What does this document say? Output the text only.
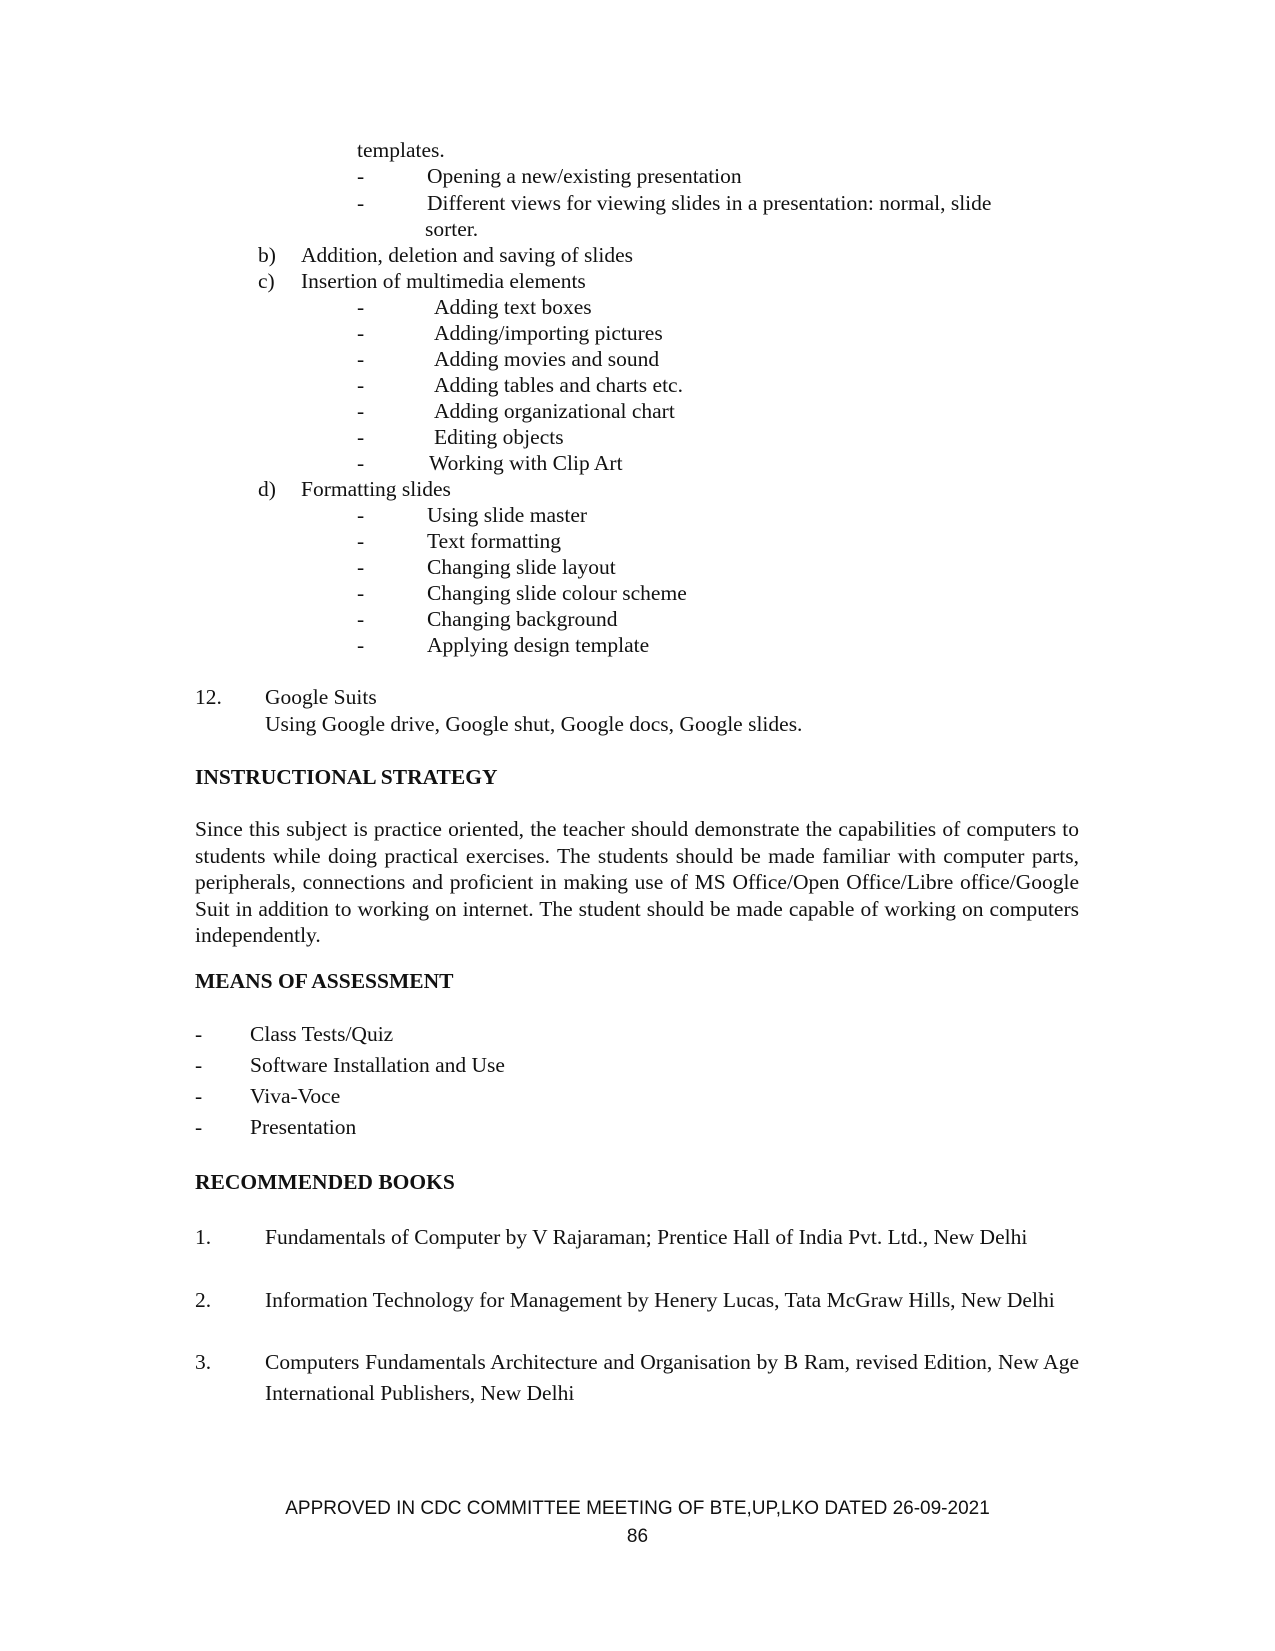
templates.
-	Opening a new/existing presentation
-	Different views for viewing slides in a presentation: normal, slide
sorter.
b) Addition, deletion and saving of slides
c) Insertion of multimedia elements
-	Adding text boxes
-	Adding/importing pictures
-	Adding movies and sound
-	Adding tables and charts etc.
-	Adding organizational chart
-	Editing objects
-	Working with Clip Art
d) Formatting slides
-	Using slide master
-	Text formatting
-	Changing slide layout
-	Changing slide colour scheme
-	Changing background
-	Applying design template
12. Google Suits
Using Google drive, Google shut, Google docs, Google slides.
INSTRUCTIONAL STRATEGY
Since this subject is practice oriented, the teacher should demonstrate the capabilities of computers to students while doing practical exercises. The students should be made familiar with computer parts, peripherals, connections and proficient in making use of MS Office/Open Office/Libre office/Google Suit in addition to working on internet. The student should be made capable of working on computers independently.
MEANS OF ASSESSMENT
- Class Tests/Quiz
- Software Installation and Use
- Viva-Voce
- Presentation
RECOMMENDED BOOKS
1.	Fundamentals of Computer by V Rajaraman; Prentice Hall of India Pvt. Ltd., New Delhi
2.	Information Technology for Management by Henery Lucas, Tata McGraw Hills, New Delhi
3.	Computers Fundamentals Architecture and Organisation by B Ram, revised Edition, New Age International Publishers, New Delhi
APPROVED IN CDC COMMITTEE MEETING OF BTE,UP,LKO DATED 26-09-2021
86
